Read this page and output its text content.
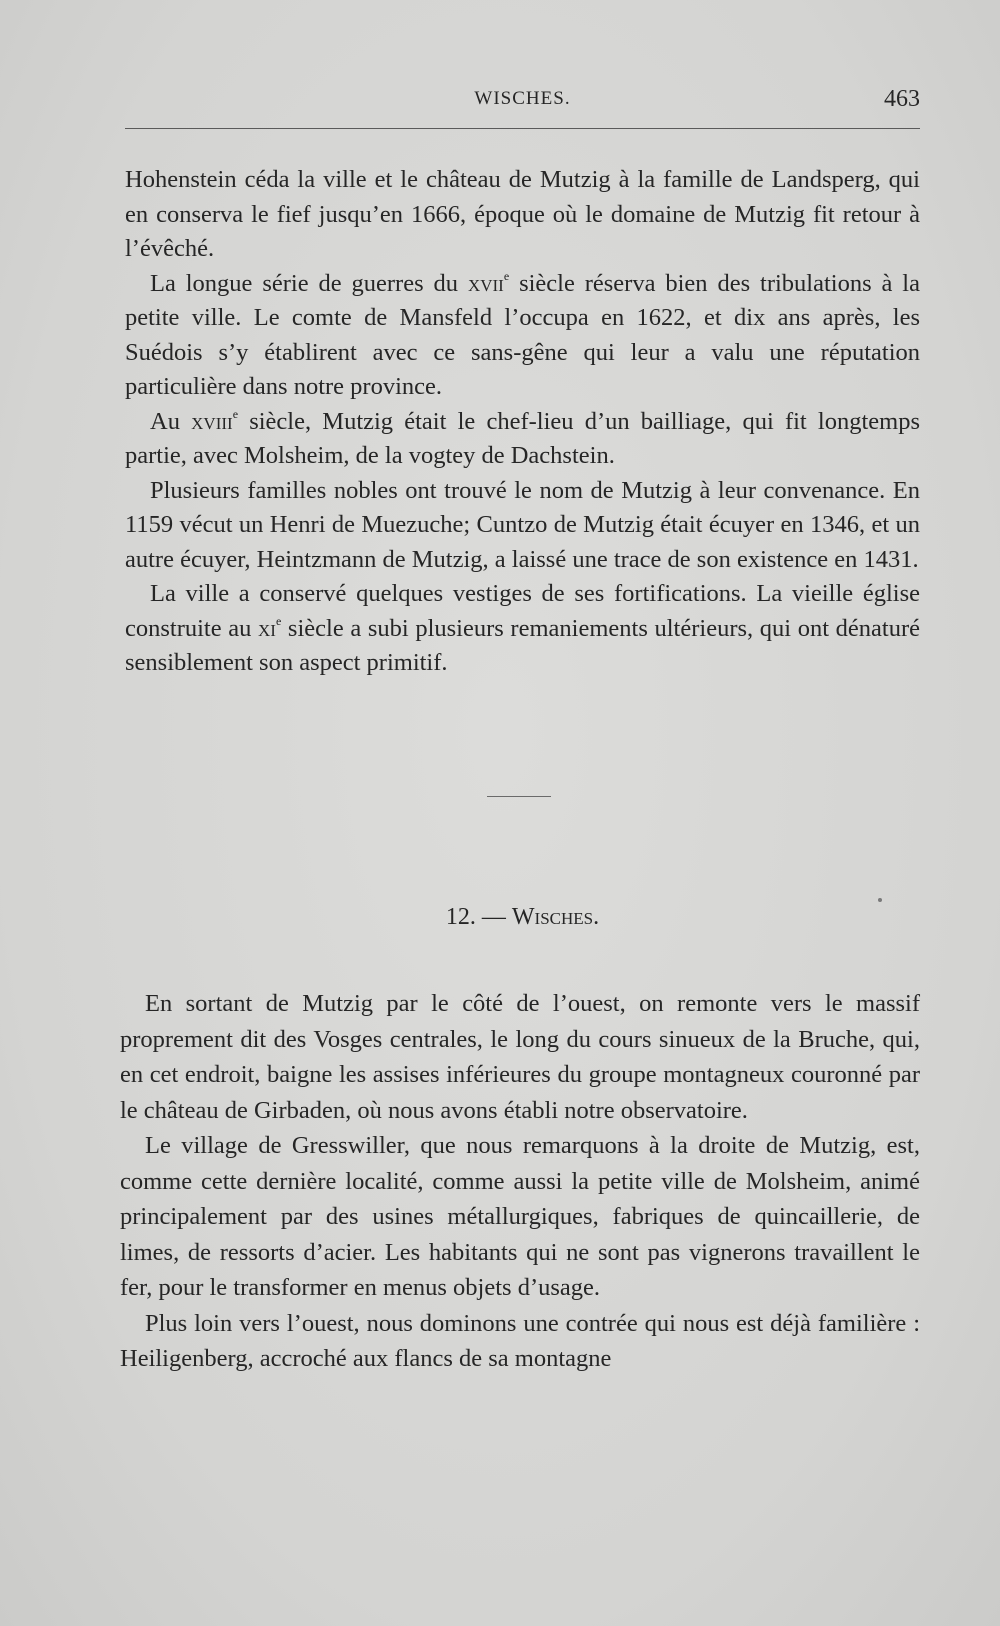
WISCHES.	463

Hohenstein céda la ville et le château de Mutzig à la famille de Landsperg, qui en conserva le fief jusqu’en 1666, époque où le domaine de Mutzig fit retour à l’évêché.

La longue série de guerres du xvii$^e$ siècle réserva bien des tribulations à la petite ville. Le comte de Mansfeld l’occupa en 1622, et dix ans après, les Suédois s’y établirent avec ce sans-gêne qui leur a valu une réputation particulière dans notre province.

Au xviii$^e$ siècle, Mutzig était le chef-lieu d’un bailliage, qui fit longtemps partie, avec Molsheim, de la vogtey de Dachstein.

Plusieurs familles nobles ont trouvé le nom de Mutzig à leur convenance. En 1159 vécut un Henri de Muezuche; Cuntzo de Mutzig était écuyer en 1346, et un autre écuyer, Heintzmann de Mutzig, a laissé une trace de son existence en 1431.

La ville a conservé quelques vestiges de ses fortifications. La vieille église construite au $xi^e$ siècle a subi plusieurs remaniements ultérieurs, qui ont dénaturé sensiblement son aspect primitif.

12. — Wisches.

En sortant de Mutzig par le côté de l’ouest, on remonte vers le massif proprement dit des Vosges centrales, le long du cours sinueux de la Bruche, qui, en cet endroit, baigne les assises inférieures du groupe montagneux couronné par le château de Girbaden, où nous avons établi notre observatoire.

Le village de Gresswiller, que nous remarquons à la droite de Mutzig, est, comme cette dernière localité, comme aussi la petite ville de Molsheim, animé principalement par des usines métallurgiques, fabriques de quincaillerie, de limes, de ressorts d’acier. Les habitants qui ne sont pas vignerons travaillent le fer, pour le transformer en menus objets d’usage.

Plus loin vers l’ouest, nous dominons une contrée qui nous est déjà familière : Heiligenberg, accroché aux flancs de sa montagne
